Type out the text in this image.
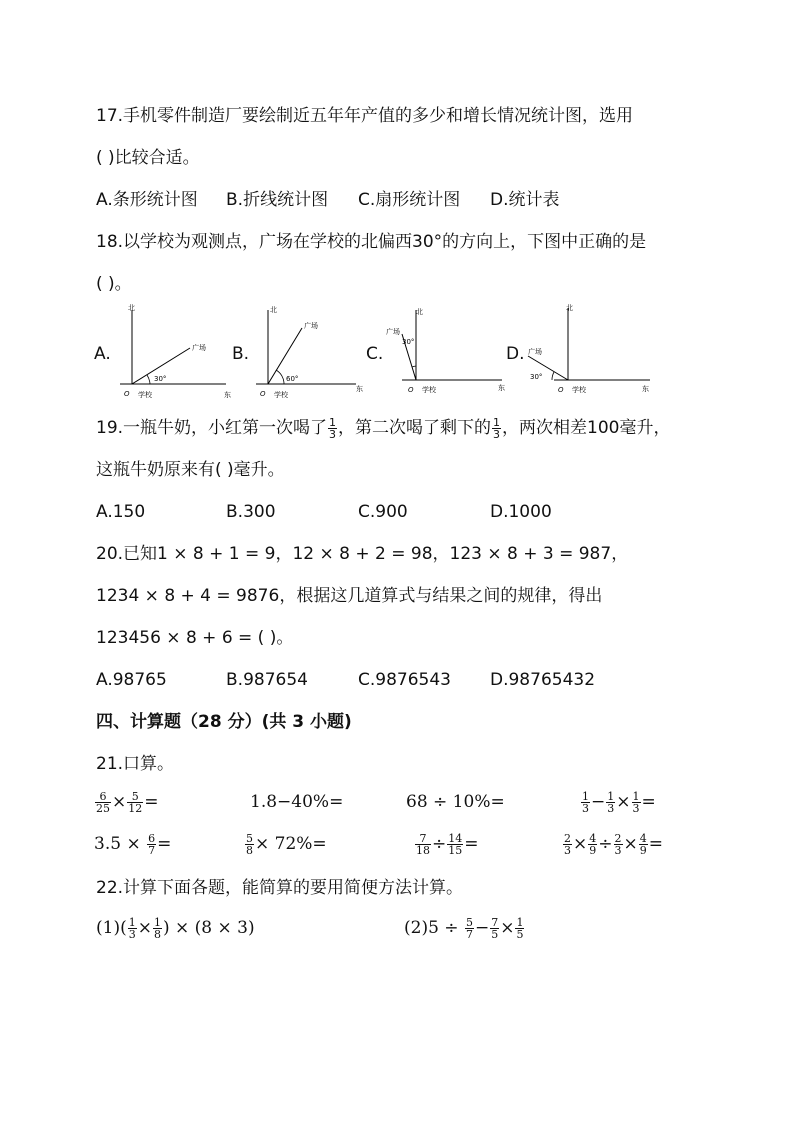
17.手机零件制造厂要绘制近五年年产值的多少和增长情况统计图，选用
( )比较合适。
A.条形统计图 B.折线统计图 C.扇形统计图 D.统计表
18.以学校为观测点，广场在学校的北偏西30°的方向上，下图中正确的是
( )。
A.
北
东
广场
30°
O 学校
B.
北
东
广场
60°
O 学校
C.
北
东
广场
30°
O 学校
D.
北
东
广场
30°
O 学校
19.一瓶牛奶，小红第一次喝了 $\frac{1}{3}$ ，第二次喝了剩下的 $\frac{1}{3}$ ，两次相差100毫升，
这瓶牛奶原来有( )毫升。
A.150	B.300	C.900	D.1000
20.已知1 × 8 + 1 = 9，12 × 8 + 2 = 98，123 × 8 + 3 = 987，
1234 × 8 + 4 = 9876，根据这几道算式与结果之间的规律，得出
123456 × 8 + 6 = ( )。
A.98765	B.987654	C.9876543 D.98765432
四、计算题（28 分）(共 3 小题)
21.口算。
$\frac{6}{25} \times \frac{5}{12}$ =	1.8−40%=	68 ÷ 10%=	$\frac{1}{3} - \frac{1}{3} \times \frac{1}{3}$ =
$3.5 \times \frac{6}{7}$ =	$\frac{5}{8} \times 72\%=$	$\frac{7}{18} \div \frac{14}{15}$ =	$\frac{2}{3} \times \frac{4}{9} \div \frac{2}{3} \times \frac{4}{9}$ =
22.计算下面各题，能简算的要用简便方法计算。
$(1)( \frac{1}{3} \times \frac{1}{8}$ ) × (8 × 3)	$(2)5 \div \frac{5}{7} - \frac{7}{5} \times \frac{1}{5}$
